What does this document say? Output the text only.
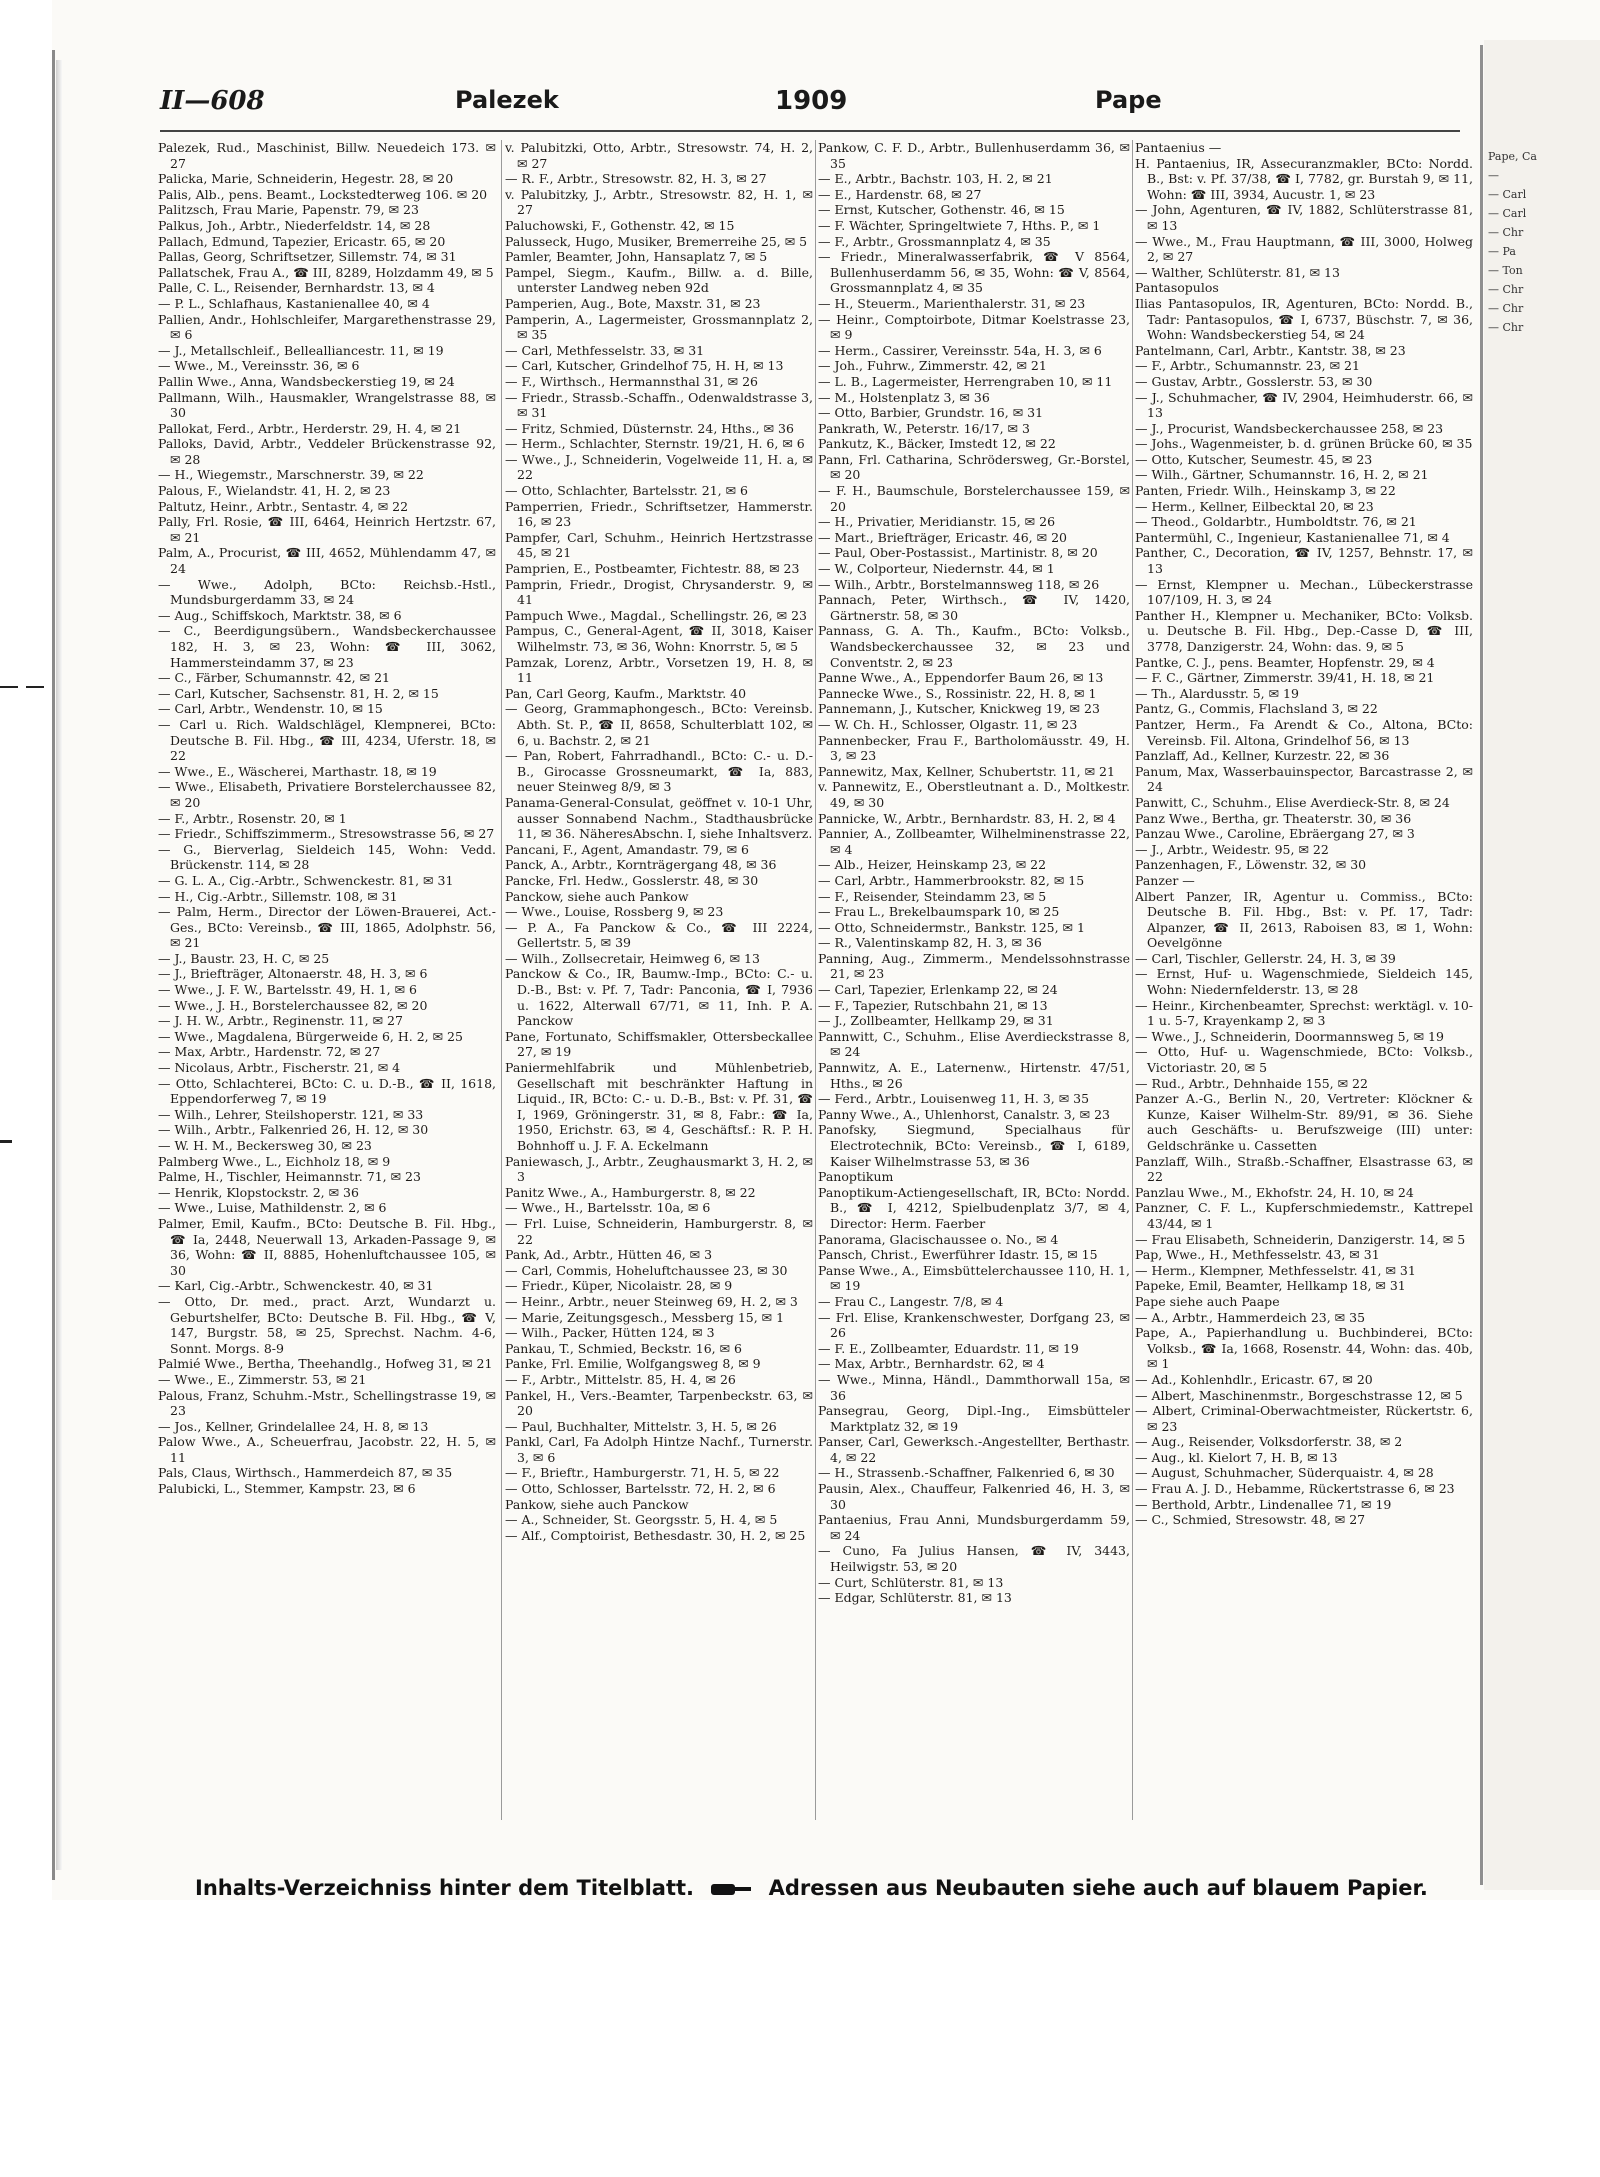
II—608	Palezek	1909	Pape
Palezek, Rud., Maschinist, Billw. Neuedeich 173. ✉ 27
Palicka, Marie, Schneiderin, Hegestr. 28, ✉ 20
Palis, Alb., pens. Beamt., Lockstedterweg 106. ✉ 20
Palitzsch, Frau Marie, Papenstr. 79, ✉ 23
Palkus, Joh., Arbtr., Niederfeldstr. 14, ✉ 28
Pallach, Edmund, Tapezier, Ericastr. 65, ✉ 20
Pallas, Georg, Schriftsetzer, Sillemstr. 74, ✉ 31
Pallatschek, Frau A., ☎ III, 8289, Holzdamm 49, ✉ 5
Palle, C. L., Reisender, Bernhardstr. 13, ✉ 4
— P. L., Schlafhaus, Kastanienallee 40, ✉ 4
Pallien, Andr., Hohlschleifer, Margarethenstrasse 29, ✉ 6
— J., Metallschleif., Bellealliancestr. 11, ✉ 19
— Wwe., M., Vereinsstr. 36, ✉ 6
Pallin Wwe., Anna, Wandsbeckerstieg 19, ✉ 24
Pallmann, Wilh., Hausmakler, Wrangelstrasse 88, ✉ 30
Pallokat, Ferd., Arbtr., Herderstr. 29, H. 4, ✉ 21
Palloks, David, Arbtr., Veddeler Brückenstrasse 92, ✉ 28
— H., Wiegemstr., Marschnerstr. 39, ✉ 22
Palous, F., Wielandstr. 41, H. 2, ✉ 23
Paltutz, Heinr., Arbtr., Sentastr. 4, ✉ 22
Pally, Frl. Rosie, ☎ III, 6464, Heinrich Hertzstr. 67, ✉ 21
Palm, A., Procurist, ☎ III, 4652, Mühlendamm 47, ✉ 24
— Wwe., Adolph, BCto: Reichsb.-Hstl., Mundsburgerdamm 33, ✉ 24
— Aug., Schiffskoch, Marktstr. 38, ✉ 6
— C., Beerdigungsübern., Wandsbeckerchaussee 182, H. 3, ✉ 23, Wohn: ☎ III, 3062, Hammersteindamm 37, ✉ 23
— C., Färber, Schumannstr. 42, ✉ 21
— Carl, Kutscher, Sachsenstr. 81, H. 2, ✉ 15
— Carl, Arbtr., Wendenstr. 10, ✉ 15
— Carl u. Rich. Waldschlägel, Klempnerei, BCto: Deutsche B. Fil. Hbg., ☎ III, 4234, Uferstr. 18, ✉ 22
— Wwe., E., Wäscherei, Marthastr. 18, ✉ 19
— Wwe., Elisabeth, Privatiere Borstelerchaussee 82, ✉ 20
— F., Arbtr., Rosenstr. 20, ✉ 1
— Friedr., Schiffszimmerm., Stresowstrasse 56, ✉ 27
— G., Bierverlag, Sieldeich 145, Wohn: Vedd. Brückenstr. 114, ✉ 28
— G. L. A., Cig.-Arbtr., Schwenckestr. 81, ✉ 31
— H., Cig.-Arbtr., Sillemstr. 108, ✉ 31
— Palm, Herm., Director der Löwen-Brauerei, Act.-Ges., BCto: Vereinsb., ☎ III, 1865, Adolphstr. 56, ✉ 21
— J., Baustr. 23, H. C, ✉ 25
— J., Briefträger, Altonaerstr. 48, H. 3, ✉ 6
— Wwe., J. F. W., Bartelsstr. 49, H. 1, ✉ 6
— Wwe., J. H., Borstelerchaussee 82, ✉ 20
— J. H. W., Arbtr., Reginenstr. 11, ✉ 27
— Wwe., Magdalena, Bürgerweide 6, H. 2, ✉ 25
— Max, Arbtr., Hardenstr. 72, ✉ 27
— Nicolaus, Arbtr., Fischerstr. 21, ✉ 4
— Otto, Schlachterei, BCto: C. u. D.-B., ☎ II, 1618, Eppendorferweg 7, ✉ 19
— Wilh., Lehrer, Steilshoperstr. 121, ✉ 33
— Wilh., Arbtr., Falkenried 26, H. 12, ✉ 30
— W. H. M., Beckersweg 30, ✉ 23
Palmberg Wwe., L., Eichholz 18, ✉ 9
Palme, H., Tischler, Heimannstr. 71, ✉ 23
— Henrik, Klopstockstr. 2, ✉ 36
— Wwe., Luise, Mathildenstr. 2, ✉ 6
Palmer, Emil, Kaufm., BCto: Deutsche B. Fil. Hbg., ☎ Ia, 2448, Neuerwall 13, Arkaden-Passage 9, ✉ 36, Wohn: ☎ II, 8885, Hohenluftchaussee 105, ✉ 30
— Karl, Cig.-Arbtr., Schwenckestr. 40, ✉ 31
— Otto, Dr. med., pract. Arzt, Wundarzt u. Geburtshelfer, BCto: Deutsche B. Fil. Hbg., ☎ V, 147, Burgstr. 58, ✉ 25, Sprechst. Nachm. 4-6, Sonnt. Morgs. 8-9
Palmié Wwe., Bertha, Theehandlg., Hofweg 31, ✉ 21
— Wwe., E., Zimmerstr. 53, ✉ 21
Palous, Franz, Schuhm.-Mstr., Schellingstrasse 19, ✉ 23
— Jos., Kellner, Grindelallee 24, H. 8, ✉ 13
Palow Wwe., A., Scheuerfrau, Jacobstr. 22, H. 5, ✉ 11
Pals, Claus, Wirthsch., Hammerdeich 87, ✉ 35
Palubicki, L., Stemmer, Kampstr. 23, ✉ 6
v. Palubitzki, Otto, Arbtr., Stresowstr. 74, H. 2, ✉ 27
— R. F., Arbtr., Stresowstr. 82, H. 3, ✉ 27
v. Palubitzky, J., Arbtr., Stresowstr. 82, H. 1, ✉ 27
Paluchowski, F., Gothenstr. 42, ✉ 15
Palusseck, Hugo, Musiker, Bremerreihe 25, ✉ 5
Pamler, Beamter, John, Hansaplatz 7, ✉ 5
Pampel, Siegm., Kaufm., Billw. a. d. Bille, unterster Landweg neben 92d
Pamperien, Aug., Bote, Maxstr. 31, ✉ 23
Pamperin, A., Lagermeister, Grossmannplatz 2, ✉ 35
— Carl, Methfesselstr. 33, ✉ 31
— Carl, Kutscher, Grindelhof 75, H. H, ✉ 13
— F., Wirthsch., Hermannsthal 31, ✉ 26
— Friedr., Strassb.-Schaffn., Odenwaldstrasse 3, ✉ 31
— Fritz, Schmied, Düsternstr. 24, Hths., ✉ 36
— Herm., Schlachter, Sternstr. 19/21, H. 6, ✉ 6
— Wwe., J., Schneiderin, Vogelweide 11, H. a, ✉ 22
— Otto, Schlachter, Bartelsstr. 21, ✉ 6
Pamperrien, Friedr., Schriftsetzer, Hammerstr. 16, ✉ 23
Pampfer, Carl, Schuhm., Heinrich Hertzstrasse 45, ✉ 21
Pamprien, E., Postbeamter, Fichtestr. 88, ✉ 23
Pamprin, Friedr., Drogist, Chrysanderstr. 9, ✉ 41
Pampuch Wwe., Magdal., Schellingstr. 26, ✉ 23
Pampus, C., General-Agent, ☎ II, 3018, Kaiser Wilhelmstr. 73, ✉ 36, Wohn: Knorrstr. 5, ✉ 5
Pamzak, Lorenz, Arbtr., Vorsetzen 19, H. 8, ✉ 11
Pan, Carl Georg, Kaufm., Marktstr. 40
— Georg, Grammaphongesch., BCto: Vereinsb. Abth. St. P., ☎ II, 8658, Schulterblatt 102, ✉ 6, u. Bachstr. 2, ✉ 21
— Pan, Robert, Fahrradhandl., BCto: C.- u. D.-B., Girocasse Grossneumarkt, ☎ Ia, 883, neuer Steinweg 8/9, ✉ 3
Panama-General-Consulat, geöffnet v. 10-1 Uhr, ausser Sonnabend Nachm., Stadthausbrücke 11, ✉ 36. NäheresAbschn. I, siehe Inhaltsverz.
Pancani, F., Agent, Amandastr. 79, ✉ 6
Panck, A., Arbtr., Kornträgergang 48, ✉ 36
Pancke, Frl. Hedw., Gosslerstr. 48, ✉ 30
Panckow, siehe auch Pankow
— Wwe., Louise, Rossberg 9, ✉ 23
— P. A., Fa Panckow & Co., ☎ III 2224, Gellertstr. 5, ✉ 39
— Wilh., Zollsecretair, Heimweg 6, ✉ 13
Panckow & Co., IR, Baumw.-Imp., BCto: C.- u. D.-B., Bst: v. Pf. 7, Tadr: Panconia, ☎ I, 7936 u. 1622, Alterwall 67/71, ✉ 11, Inh. P. A. Panckow
Pane, Fortunato, Schiffsmakler, Ottersbeckallee 27, ✉ 19
Paniermehlfabrik und Mühlenbetrieb, Gesellschaft mit beschränkter Haftung in Liquid., IR, BCto: C.- u. D.-B., Bst: v. Pf. 31, ☎ I, 1969, Gröningerstr. 31, ✉ 8, Fabr.: ☎ Ia, 1950, Erichstr. 63, ✉ 4, Geschäftsf.: R. P. H. Bohnhoff u. J. F. A. Eckelmann
Paniewasch, J., Arbtr., Zeughausmarkt 3, H. 2, ✉ 3
Panitz Wwe., A., Hamburgerstr. 8, ✉ 22
— Wwe., H., Bartelsstr. 10a, ✉ 6
— Frl. Luise, Schneiderin, Hamburgerstr. 8, ✉ 22
Pank, Ad., Arbtr., Hütten 46, ✉ 3
— Carl, Commis, Hoheluftchaussee 23, ✉ 30
— Friedr., Küper, Nicolaistr. 28, ✉ 9
— Heinr., Arbtr., neuer Steinweg 69, H. 2, ✉ 3
— Marie, Zeitungsgesch., Messberg 15, ✉ 1
— Wilh., Packer, Hütten 124, ✉ 3
Pankau, T., Schmied, Beckstr. 16, ✉ 6
Panke, Frl. Emilie, Wolfgangsweg 8, ✉ 9
— F., Arbtr., Mittelstr. 85, H. 4, ✉ 26
Pankel, H., Vers.-Beamter, Tarpenbeckstr. 63, ✉ 20
— Paul, Buchhalter, Mittelstr. 3, H. 5, ✉ 26
Pankl, Carl, Fa Adolph Hintze Nachf., Turnerstr. 3, ✉ 6
— F., Brieftr., Hamburgerstr. 71, H. 5, ✉ 22
— Otto, Schlosser, Bartelsstr. 72, H. 2, ✉ 6
Pankow, siehe auch Panckow
— A., Schneider, St. Georgsstr. 5, H. 4, ✉ 5
— Alf., Comptoirist, Bethesdastr. 30, H. 2, ✉ 25
Pankow, C. F. D., Arbtr., Bullenhuserdamm 36, ✉ 35
— E., Arbtr., Bachstr. 103, H. 2, ✉ 21
— E., Hardenstr. 68, ✉ 27
— Ernst, Kutscher, Gothenstr. 46, ✉ 15
— F. Wächter, Springeltwiete 7, Hths. P., ✉ 1
— F., Arbtr., Grossmannplatz 4, ✉ 35
— Friedr., Mineralwasserfabrik, ☎ V 8564, Bullenhuserdamm 56, ✉ 35, Wohn: ☎ V, 8564, Grossmannplatz 4, ✉ 35
— H., Steuerm., Marienthalerstr. 31, ✉ 23
— Heinr., Comptoirbote, Ditmar Koelstrasse 23, ✉ 9
— Herm., Cassirer, Vereinsstr. 54a, H. 3, ✉ 6
— Joh., Fuhrw., Zimmerstr. 42, ✉ 21
— L. B., Lagermeister, Herrengraben 10, ✉ 11
— M., Holstenplatz 3, ✉ 36
— Otto, Barbier, Grundstr. 16, ✉ 31
Pankrath, W., Peterstr. 16/17, ✉ 3
Pankutz, K., Bäcker, Imstedt 12, ✉ 22
Pann, Frl. Catharina, Schrödersweg, Gr.-Borstel, ✉ 20
— F. H., Baumschule, Borstelerchaussee 159, ✉ 20
— H., Privatier, Meridianstr. 15, ✉ 26
— Mart., Briefträger, Ericastr. 46, ✉ 20
— Paul, Ober-Postassist., Martinistr. 8, ✉ 20
— W., Colporteur, Niedernstr. 44, ✉ 1
— Wilh., Arbtr., Borstelmannsweg 118, ✉ 26
Pannach, Peter, Wirthsch., ☎ IV, 1420, Gärtnerstr. 58, ✉ 30
Pannass, G. A. Th., Kaufm., BCto: Volksb., Wandsbeckerchaussee 32, ✉ 23 und Conventstr. 2, ✉ 23
Panne Wwe., A., Eppendorfer Baum 26, ✉ 13
Pannecke Wwe., S., Rossinistr. 22, H. 8, ✉ 1
Pannemann, J., Kutscher, Knickweg 19, ✉ 23
— W. Ch. H., Schlosser, Olgastr. 11, ✉ 23
Pannenbecker, Frau F., Bartholomäusstr. 49, H. 3, ✉ 23
Pannewitz, Max, Kellner, Schubertstr. 11, ✉ 21
v. Pannewitz, E., Oberstleutnant a. D., Moltkestr. 49, ✉ 30
Pannicke, W., Arbtr., Bernhardstr. 83, H. 2, ✉ 4
Pannier, A., Zollbeamter, Wilhelminenstrasse 22, ✉ 4
— Alb., Heizer, Heinskamp 23, ✉ 22
— Carl, Arbtr., Hammerbrookstr. 82, ✉ 15
— F., Reisender, Steindamm 23, ✉ 5
— Frau L., Brekelbaumspark 10, ✉ 25
— Otto, Schneidermstr., Bankstr. 125, ✉ 1
— R., Valentinskamp 82, H. 3, ✉ 36
Panning, Aug., Zimmerm., Mendelssohnstrasse 21, ✉ 23
— Carl, Tapezier, Erlenkamp 22, ✉ 24
— F., Tapezier, Rutschbahn 21, ✉ 13
— J., Zollbeamter, Hellkamp 29, ✉ 31
Pannwitt, C., Schuhm., Elise Averdieckstrasse 8, ✉ 24
Pannwitz, A. E., Laternenw., Hirtenstr. 47/51, Hths., ✉ 26
— Ferd., Arbtr., Louisenweg 11, H. 3, ✉ 35
Panny Wwe., A., Uhlenhorst, Canalstr. 3, ✉ 23
Panofsky, Siegmund, Specialhaus für Electrotechnik, BCto: Vereinsb., ☎ I, 6189, Kaiser Wilhelmstrasse 53, ✉ 36
Panoptikum
Panoptikum-Actiengesellschaft, IR, BCto: Nordd. B., ☎ I, 4212, Spielbudenplatz 3/7, ✉ 4, Director: Herm. Faerber
Panorama, Glacischaussee o. No., ✉ 4
Pansch, Christ., Ewerführer Idastr. 15, ✉ 15
Panse Wwe., A., Eimsbüttelerchaussee 110, H. 1, ✉ 19
— Frau C., Langestr. 7/8, ✉ 4
— Frl. Elise, Krankenschwester, Dorfgang 23, ✉ 26
— F. E., Zollbeamter, Eduardstr. 11, ✉ 19
— Max, Arbtr., Bernhardstr. 62, ✉ 4
— Wwe., Minna, Händl., Dammthorwall 15a, ✉ 36
Pansegrau, Georg, Dipl.-Ing., Eimsbütteler Marktplatz 32, ✉ 19
Panser, Carl, Gewerksch.-Angestellter, Berthastr. 4, ✉ 22
— H., Strassenb.-Schaffner, Falkenried 6, ✉ 30
Pausin, Alex., Chauffeur, Falkenried 46, H. 3, ✉ 30
Pantaenius, Frau Anni, Mundsburgerdamm 59, ✉ 24
— Cuno, Fa Julius Hansen, ☎ IV, 3443, Heilwigstr. 53, ✉ 20
— Curt, Schlüterstr. 81, ✉ 13
— Edgar, Schlüterstr. 81, ✉ 13
Pantaenius —
H. Pantaenius, IR, Assecuranzmakler, BCto: Nordd. B., Bst: v. Pf. 37/38, ☎ I, 7782, gr. Burstah 9, ✉ 11, Wohn: ☎ III, 3934, Aucustr. 1, ✉ 23
— John, Agenturen, ☎ IV, 1882, Schlüterstrasse 81, ✉ 13
— Wwe., M., Frau Hauptmann, ☎ III, 3000, Holweg 2, ✉ 27
— Walther, Schlüterstr. 81, ✉ 13
Pantasopulos
Ilias Pantasopulos, IR, Agenturen, BCto: Nordd. B., Tadr: Pantasopulos, ☎ I, 6737, Büschstr. 7, ✉ 36, Wohn: Wandsbeckerstieg 54, ✉ 24
Pantelmann, Carl, Arbtr., Kantstr. 38, ✉ 23
— F., Arbtr., Schumannstr. 23, ✉ 21
— Gustav, Arbtr., Gosslerstr. 53, ✉ 30
— J., Schuhmacher, ☎ IV, 2904, Heimhuderstr. 66, ✉ 13
— J., Procurist, Wandsbeckerchaussee 258, ✉ 23
— Johs., Wagenmeister, b. d. grünen Brücke 60, ✉ 35
— Otto, Kutscher, Seumestr. 45, ✉ 23
— Wilh., Gärtner, Schumannstr. 16, H. 2, ✉ 21
Panten, Friedr. Wilh., Heinskamp 3, ✉ 22
— Herm., Kellner, Eilbecktal 20, ✉ 23
— Theod., Goldarbtr., Humboldtstr. 76, ✉ 21
Pantermühl, C., Ingenieur, Kastanienallee 71, ✉ 4
Panther, C., Decoration, ☎ IV, 1257, Behnstr. 17, ✉ 13
— Ernst, Klempner u. Mechan., Lübeckerstrasse 107/109, H. 3, ✉ 24
Panther H., Klempner u. Mechaniker, BCto: Volksb. u. Deutsche B. Fil. Hbg., Dep.-Casse D, ☎ III, 3778, Danzigerstr. 24, Wohn: das. 9, ✉ 5
Pantke, C. J., pens. Beamter, Hopfenstr. 29, ✉ 4
— F. C., Gärtner, Zimmerstr. 39/41, H. 18, ✉ 21
— Th., Alardusstr. 5, ✉ 19
Pantz, G., Commis, Flachsland 3, ✉ 22
Pantzer, Herm., Fa Arendt & Co., Altona, BCto: Vereinsb. Fil. Altona, Grindelhof 56, ✉ 13
Panzlaff, Ad., Kellner, Kurzestr. 22, ✉ 36
Panum, Max, Wasserbauinspector, Barcastrasse 2, ✉ 24
Panwitt, C., Schuhm., Elise Averdieck-Str. 8, ✉ 24
Panz Wwe., Bertha, gr. Theaterstr. 30, ✉ 36
Panzau Wwe., Caroline, Ebräergang 27, ✉ 3
— J., Arbtr., Weidestr. 95, ✉ 22
Panzenhagen, F., Löwenstr. 32, ✉ 30
Panzer —
Albert Panzer, IR, Agentur u. Commiss., BCto: Deutsche B. Fil. Hbg., Bst: v. Pf. 17, Tadr: Alpanzer, ☎ II, 2613, Raboisen 83, ✉ 1, Wohn: Oevelgönne
— Carl, Tischler, Gellerstr. 24, H. 3, ✉ 39
— Ernst, Huf- u. Wagenschmiede, Sieldeich 145, Wohn: Niedernfelderstr. 13, ✉ 28
— Heinr., Kirchenbeamter, Sprechst: werktägl. v. 10-1 u. 5-7, Krayenkamp 2, ✉ 3
— Wwe., J., Schneiderin, Doormannsweg 5, ✉ 19
— Otto, Huf- u. Wagenschmiede, BCto: Volksb., Victoriastr. 20, ✉ 5
— Rud., Arbtr., Dehnhaide 155, ✉ 22
Panzer A.-G., Berlin N., 20, Vertreter: Klöckner & Kunze, Kaiser Wilhelm-Str. 89/91, ✉ 36. Siehe auch Geschäfts- u. Berufszweige (III) unter: Geldschränke u. Cassetten
Panzlaff, Wilh., Straßb.-Schaffner, Elsastrasse 63, ✉ 22
Panzlau Wwe., M., Ekhofstr. 24, H. 10, ✉ 24
Panzner, C. F. L., Kupferschmiedemstr., Kattrepel 43/44, ✉ 1
— Frau Elisabeth, Schneiderin, Danzigerstr. 14, ✉ 5
Pap, Wwe., H., Methfesselstr. 43, ✉ 31
— Herm., Klempner, Methfesselstr. 41, ✉ 31
Papeke, Emil, Beamter, Hellkamp 18, ✉ 31
Pape siehe auch Paape
— A., Arbtr., Hammerdeich 23, ✉ 35
Pape, A., Papierhandlung u. Buchbinderei, BCto: Volksb., ☎ Ia, 1668, Rosenstr. 44, Wohn: das. 40b, ✉ 1
— Ad., Kohlenhdlr., Ericastr. 67, ✉ 20
— Albert, Maschinenmstr., Borgeschstrasse 12, ✉ 5
— Albert, Criminal-Oberwachtmeister, Rückertstr. 6, ✉ 23
— Aug., Reisender, Volksdorferstr. 38, ✉ 2
— Aug., kl. Kielort 7, H. B, ✉ 13
— August, Schuhmacher, Süderquaistr. 4, ✉ 28
— Frau A. J. D., Hebamme, Rückertstrasse 6, ✉ 23
— Berthold, Arbtr., Lindenallee 71, ✉ 19
— C., Schmied, Stresowstr. 48, ✉ 27
Inhalts-Verzeichniss hinter dem Titelblatt.	Adressen aus Neubauten siehe auch auf blauem Papier.
Pape, Ca
—
— Carl
— Carl
— Chr
— Pa
— Ton
— Chr
— Chr
— Chr
